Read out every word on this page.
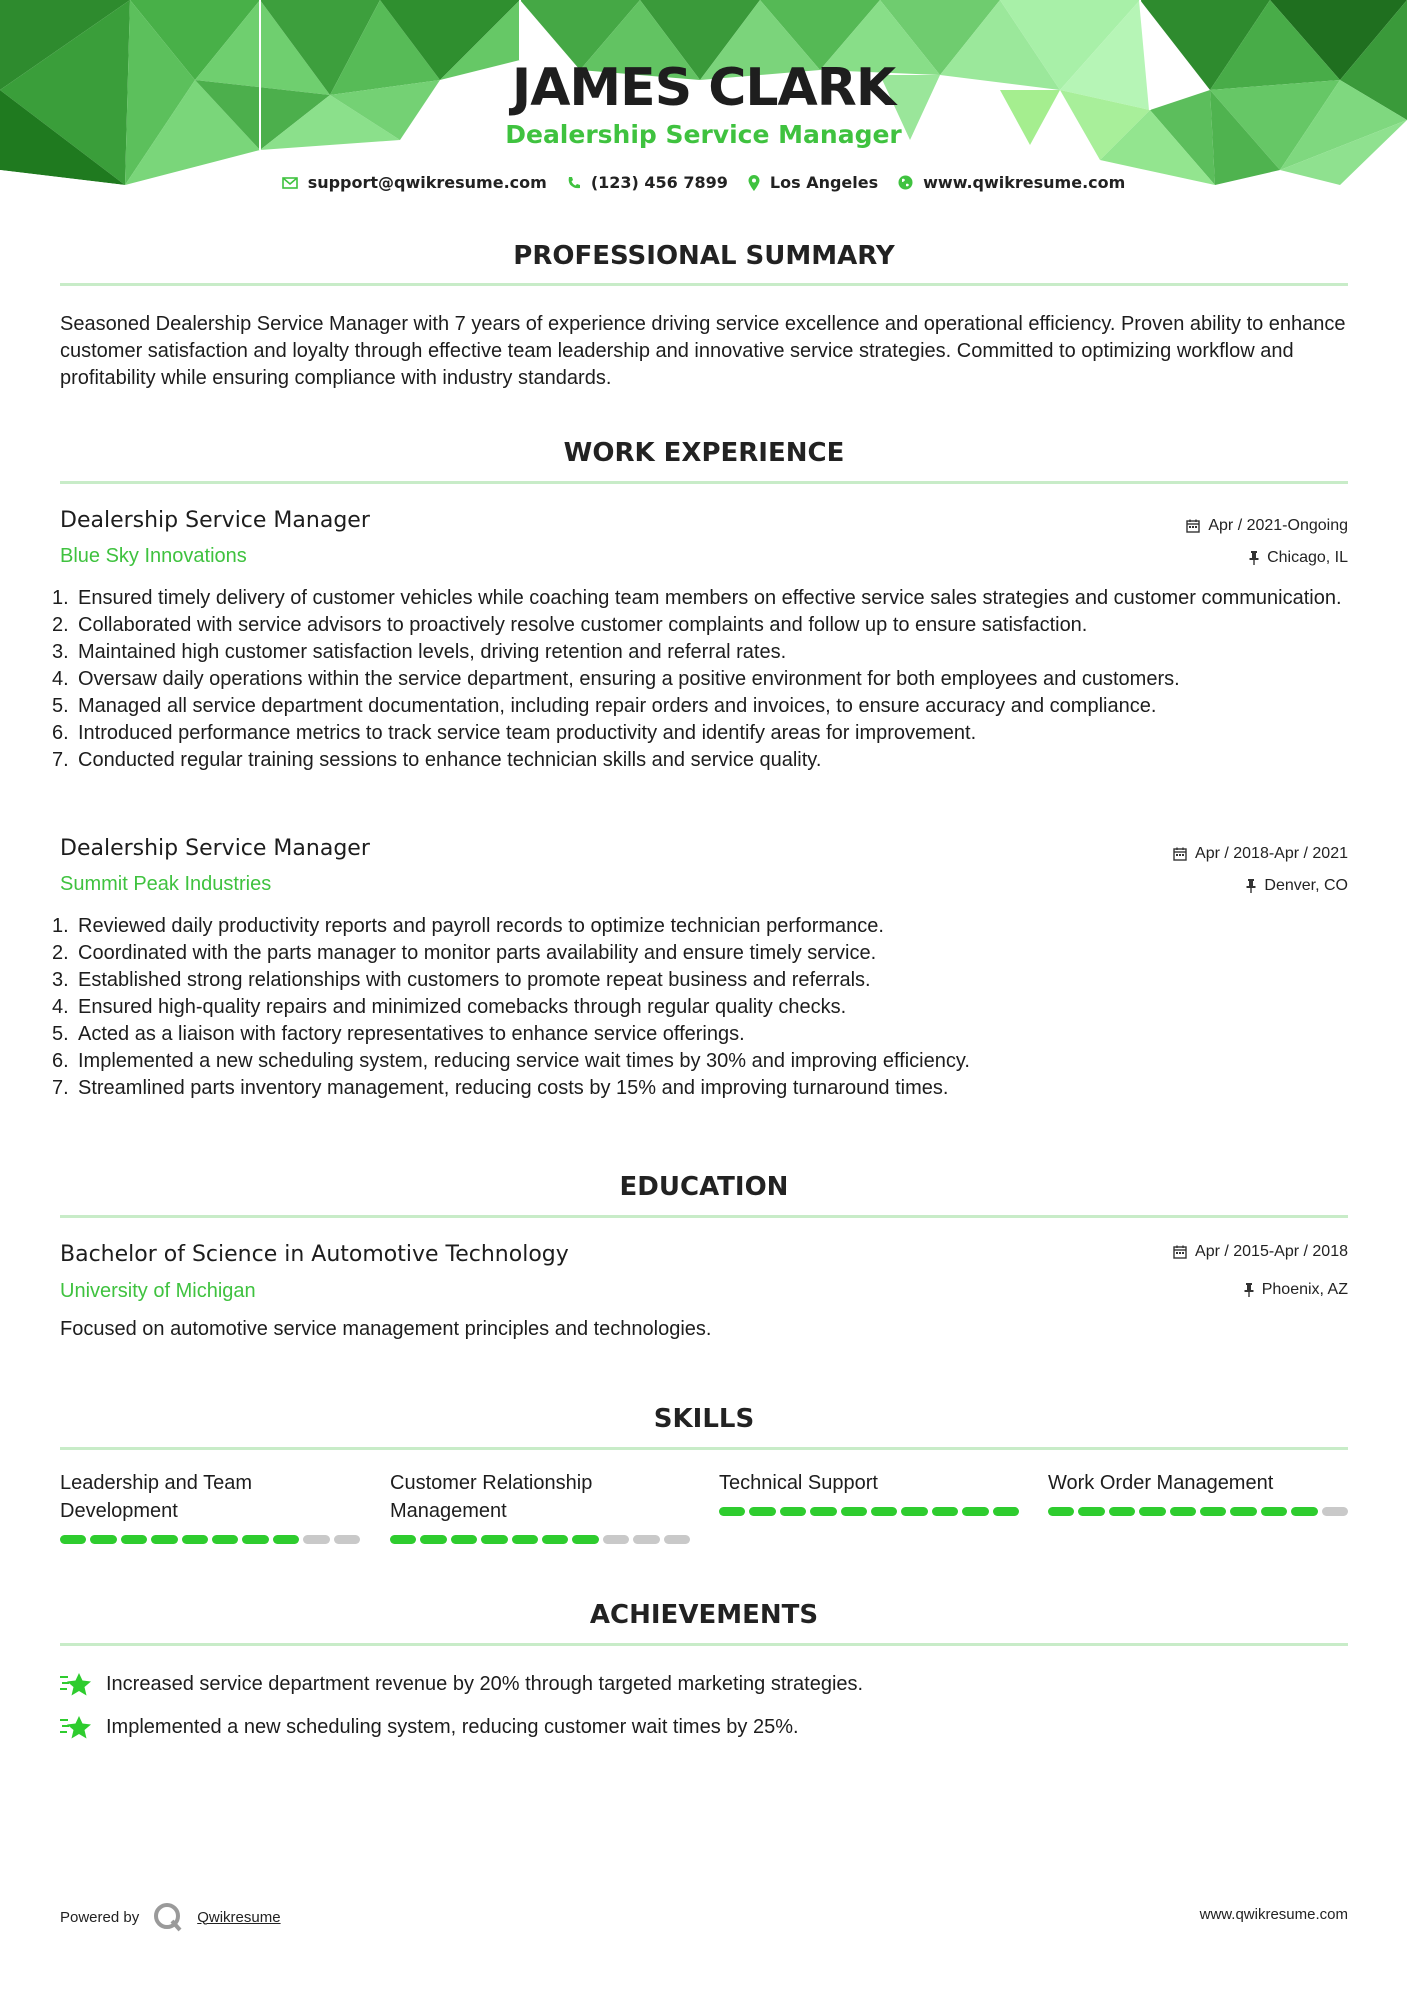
JAMES CLARK
Dealership Service Manager
support@qwikresume.com	(123) 456 7899	Los Angeles	www.qwikresume.com
PROFESSIONAL SUMMARY
Seasoned Dealership Service Manager with 7 years of experience driving service excellence and operational efficiency. Proven ability to enhance customer satisfaction and loyalty through effective team leadership and innovative service strategies. Committed to optimizing workflow and profitability while ensuring compliance with industry standards.
WORK EXPERIENCE
Dealership Service Manager
Blue Sky Innovations
Apr / 2021-Ongoing
Chicago, IL
Ensured timely delivery of customer vehicles while coaching team members on effective service sales strategies and customer communication.
Collaborated with service advisors to proactively resolve customer complaints and follow up to ensure satisfaction.
Maintained high customer satisfaction levels, driving retention and referral rates.
Oversaw daily operations within the service department, ensuring a positive environment for both employees and customers.
Managed all service department documentation, including repair orders and invoices, to ensure accuracy and compliance.
Introduced performance metrics to track service team productivity and identify areas for improvement.
Conducted regular training sessions to enhance technician skills and service quality.
Dealership Service Manager
Summit Peak Industries
Apr / 2018-Apr / 2021
Denver, CO
Reviewed daily productivity reports and payroll records to optimize technician performance.
Coordinated with the parts manager to monitor parts availability and ensure timely service.
Established strong relationships with customers to promote repeat business and referrals.
Ensured high-quality repairs and minimized comebacks through regular quality checks.
Acted as a liaison with factory representatives to enhance service offerings.
Implemented a new scheduling system, reducing service wait times by 30% and improving efficiency.
Streamlined parts inventory management, reducing costs by 15% and improving turnaround times.
EDUCATION
Bachelor of Science in Automotive Technology
University of Michigan
Apr / 2015-Apr / 2018
Phoenix, AZ
Focused on automotive service management principles and technologies.
SKILLS
Leadership and Team Development
Customer Relationship Management
Technical Support	Work Order Management
ACHIEVEMENTS
Increased service department revenue by 20% through targeted marketing strategies.
Implemented a new scheduling system, reducing customer wait times by 25%.
Powered by	Qwikresume	www.qwikresume.com
